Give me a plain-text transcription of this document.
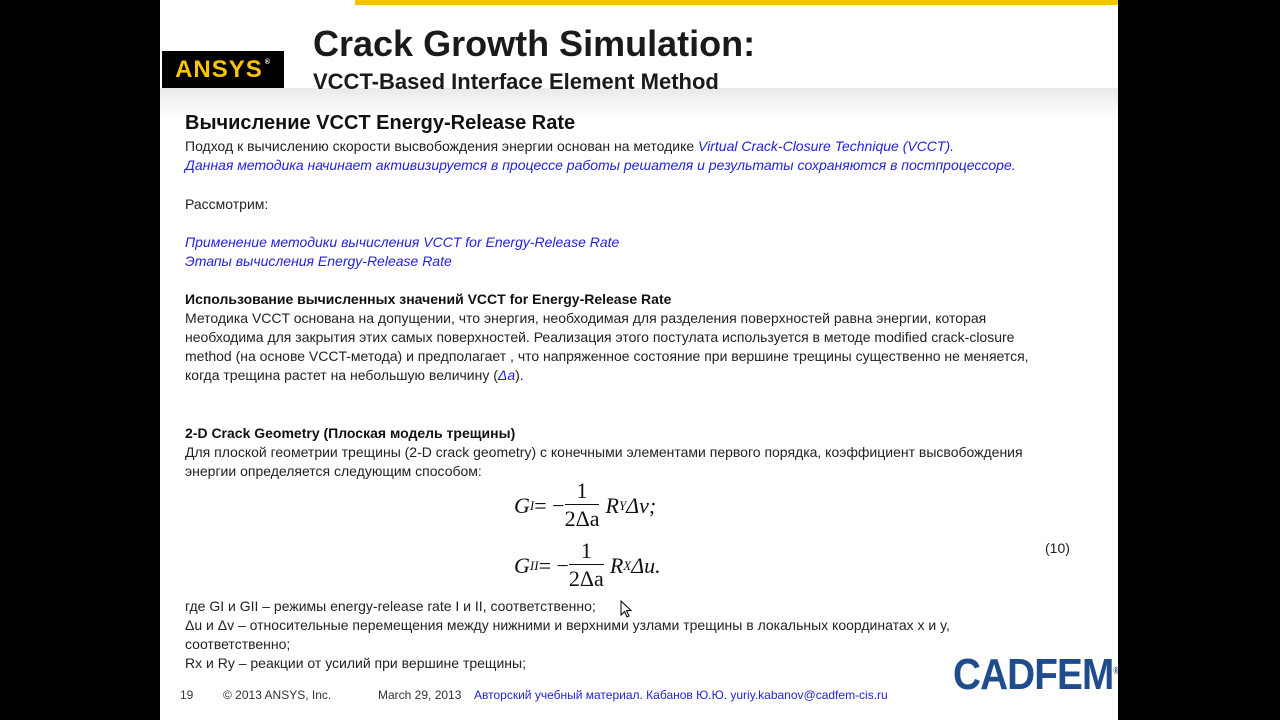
ANSYS ® Crack Growth Simulation:
VCCT-Based Interface Element Method
Вычисление VCCT Energy-Release Rate
Подход к вычислению скорости высвобождения энергии основан на методике Virtual Crack-Closure Technique (VCCT).
Данная методика начинает активизируется в процессе работы решателя и результаты сохраняются в постпроцессоре.
Рассмотрим:
Применение методики вычисления VCCT for Energy-Release Rate
Этапы вычисления Energy-Release Rate
Использование вычисленных значений VCCT for Energy-Release Rate
Методика VCCT основана на допущении, что энергия, необходимая для разделения поверхностей равна энергии, которая
необходима для закрытия этих самых поверхностей. Реализация этого постулата используется в методе modified crack-closure
method (на основе VCCT-метода) и предполагает , что напряженное состояние при вершине трещины существенно не меняется,
когда трещина растет на небольшую величину (Δa).
2-D Crack Geometry (Плоская модель трещины)
Для плоской геометрии трещины (2-D crack geometry) с конечными элементами первого порядка, коэффициент высвобождения
энергии определяется следующим способом:
G I = − $\frac{1}{2\Delta a}$ R Y Δv;
G II = − $\frac{1}{2\Delta a}$ R X Δu.
(10)
где GI и GII – режимы energy-release rate I и II, соответственно;
Δu и Δv – относительные перемещения между нижними и верхними узлами трещины в локальных координатах x и y,
соответственно;
Rx и Ry – реакции от усилий при вершине трещины;
19 © 2013 ANSYS, Inc.	March 29, 2013 Авторский учебный материал. Кабанов Ю.Ю. yuriy.kabanov@cadfem-cis.ru CADFEM®
